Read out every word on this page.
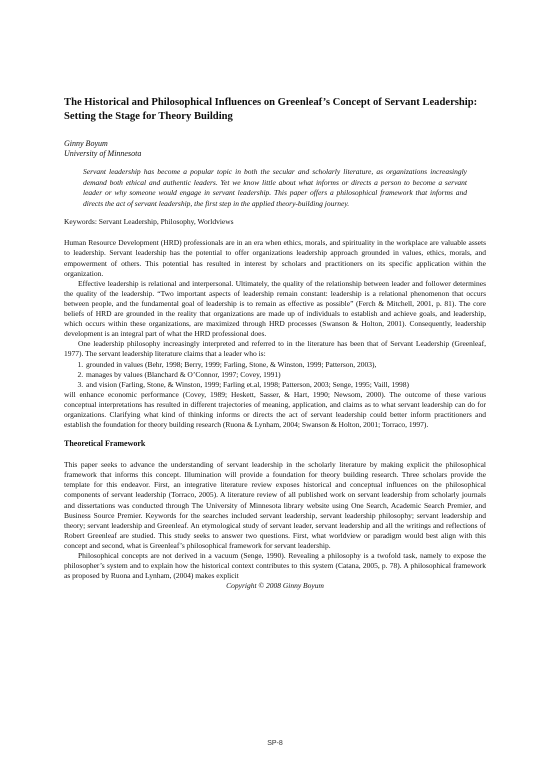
The Historical and Philosophical Influences on Greenleaf’s Concept of Servant Leadership: Setting the Stage for Theory Building
Ginny Boyum
University of Minnesota
Servant leadership has become a popular topic in both the secular and scholarly literature, as organizations increasingly demand both ethical and authentic leaders. Yet we know little about what informs or directs a person to become a servant leader or why someone would engage in servant leadership. This paper offers a philosophical framework that informs and directs the act of servant leadership, the first step in the applied theory-building journey.
Keywords: Servant Leadership, Philosophy, Worldviews

Human Resource Development (HRD) professionals are in an era when ethics, morals, and spirituality in the workplace are valuable assets to leadership. Servant leadership has the potential to offer organizations leadership approach grounded in values, ethics, morals, and empowerment of others. This potential has resulted in interest by scholars and practitioners on its specific application within the organization.

Effective leadership is relational and interpersonal. Ultimately, the quality of the relationship between leader and follower determines the quality of the leadership. “Two important aspects of leadership remain constant: leadership is a relational phenomenon that occurs between people, and the fundamental goal of leadership is to remain as effective as possible” (Ferch & Mitchell, 2001, p. 81). The core beliefs of HRD are grounded in the reality that organizations are made up of individuals to establish and achieve goals, and leadership, which occurs within these organizations, are maximized through HRD processes (Swanson & Holton, 2001). Consequently, leadership development is an integral part of what the HRD professional does.

One leadership philosophy increasingly interpreted and referred to in the literature has been that of Servant Leadership (Greenleaf, 1977). The servant leadership literature claims that a leader who is:

1. grounded in values (Behr, 1998; Berry, 1999; Farling, Stone, & Winston, 1999; Patterson, 2003),
2. manages by values (Blanchard & O’Connor, 1997; Covey, 1991)
3. and vision (Farling, Stone, & Winston, 1999; Farling et.al, 1998; Patterson, 2003; Senge, 1995; Vaill, 1998)

will enhance economic performance (Covey, 1989; Heskett, Sasser, & Hart, 1990; Newsom, 2000). The outcome of these various conceptual interpretations has resulted in different trajectories of meaning, application, and claims as to what servant leadership can do for organizations. Clarifying what kind of thinking informs or directs the act of servant leadership could better inform practitioners and establish the foundation for theory building research (Ruona & Lynham, 2004; Swanson & Holton, 2001; Torraco, 1997).

Theoretical Framework

This paper seeks to advance the understanding of servant leadership in the scholarly literature by making explicit the philosophical framework that informs this concept. Illumination will provide a foundation for theory building research. Three scholars provide the template for this endeavor. First, an integrative literature review exposes historical and conceptual influences on the philosophical components of servant leadership (Torraco, 2005). A literature review of all published work on servant leadership from scholarly journals and dissertations was conducted through The University of Minnesota library website using One Search, Academic Search Premier, and Business Source Premier. Keywords for the searches included servant leadership, servant leadership philosophy; servant leadership and theory; servant leadership and Greenleaf. An etymological study of servant leader, servant leadership and all the writings and reflections of Robert Greenleaf are studied. This study seeks to answer two questions. First, what worldview or paradigm would best align with this concept and second, what is Greenleaf’s philosophical framework for servant leadership.

Philosophical concepts are not derived in a vacuum (Senge, 1990). Revealing a philosophy is a twofold task, namely to expose the philosopher’s system and to explain how the historical context contributes to this system (Catana, 2005, p. 78). A philosophical framework as proposed by Ruona and Lynham, (2004) makes explicit

Copyright © 2008 Ginny Boyum
SP-8
